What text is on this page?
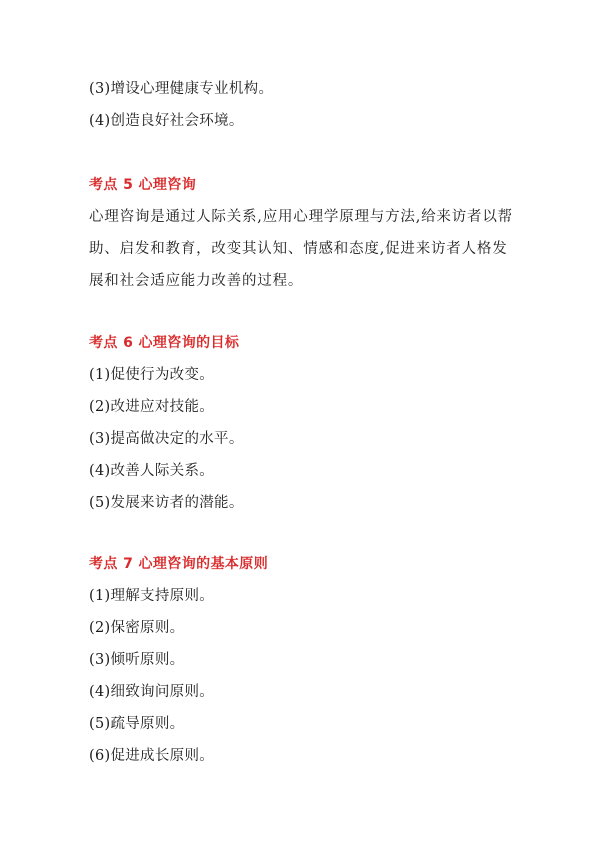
(3)增设心理健康专业机构。
(4)创造良好社会环境。
考点 5 心理咨询
心理咨询是通过人际关系,应用心理学原理与方法,给来访者以帮
助、启发和教育，改变其认知、情感和态度,促进来访者人格发
展和社会适应能力改善的过程。
考点 6 心理咨询的目标
(1)促使行为改变。
(2)改进应对技能。
(3)提高做决定的水平。
(4)改善人际关系。
(5)发展来访者的潜能。
考点 7 心理咨询的基本原则
(1)理解支持原则。
(2)保密原则。
(3)倾听原则。
(4)细致询问原则。
(5)疏导原则。
(6)促进成长原则。
